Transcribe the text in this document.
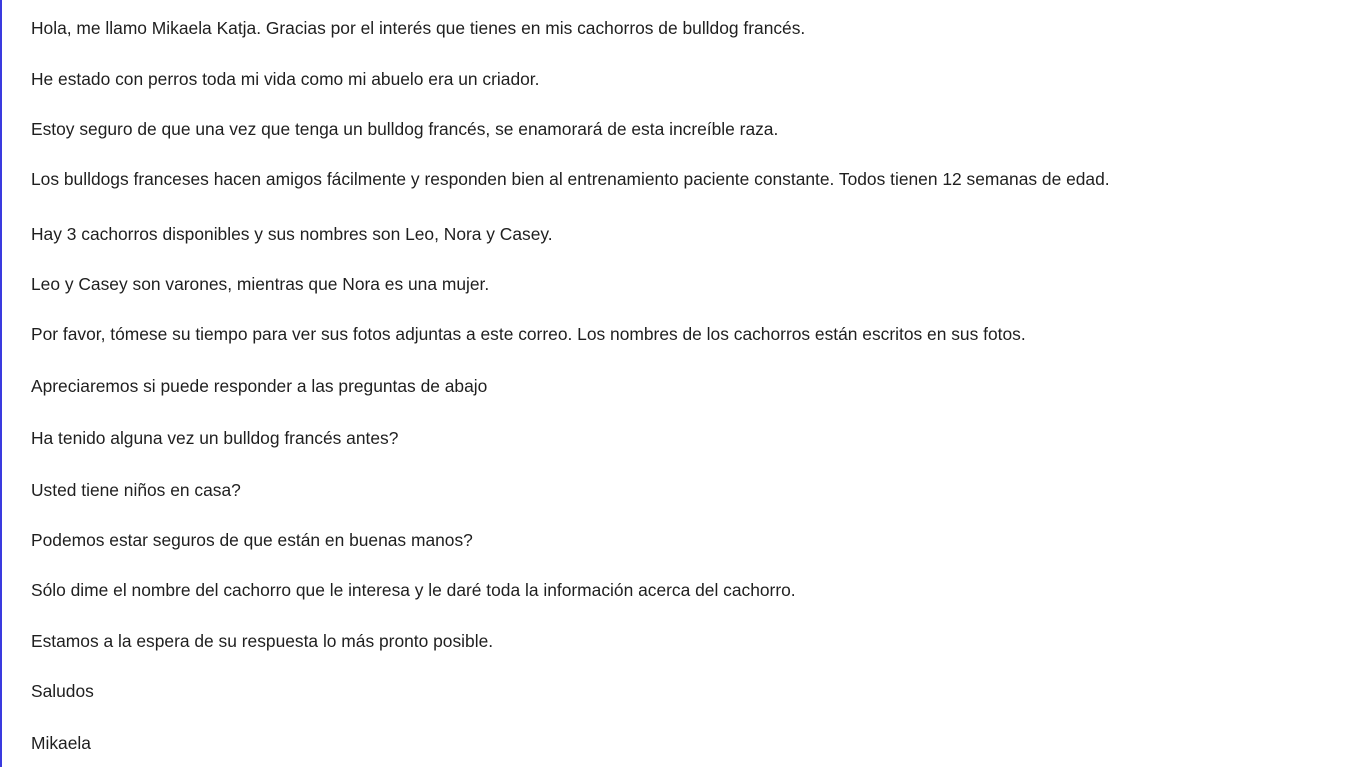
Hola, me llamo Mikaela Katja. Gracias por el interés que tienes en mis cachorros de bulldog francés.
He estado con perros toda mi vida como mi abuelo era un criador.
Estoy seguro de que una vez que tenga un bulldog francés, se enamorará de esta increíble raza.
Los bulldogs franceses hacen amigos fácilmente y responden bien al entrenamiento paciente constante. Todos tienen 12 semanas de edad.
Hay 3 cachorros disponibles y sus nombres son Leo, Nora y Casey.
Leo y Casey son varones, mientras que Nora es una mujer.
Por favor, tómese su tiempo para ver sus fotos adjuntas a este correo. Los nombres de los cachorros están escritos en sus fotos.
Apreciaremos si puede responder a las preguntas de abajo
Ha tenido alguna vez un bulldog francés antes?
Usted tiene niños en casa?
Podemos estar seguros de que están en buenas manos?
Sólo dime el nombre del cachorro que le interesa y le daré toda la información acerca del cachorro.
Estamos a la espera de su respuesta lo más pronto posible.
Saludos
Mikaela
